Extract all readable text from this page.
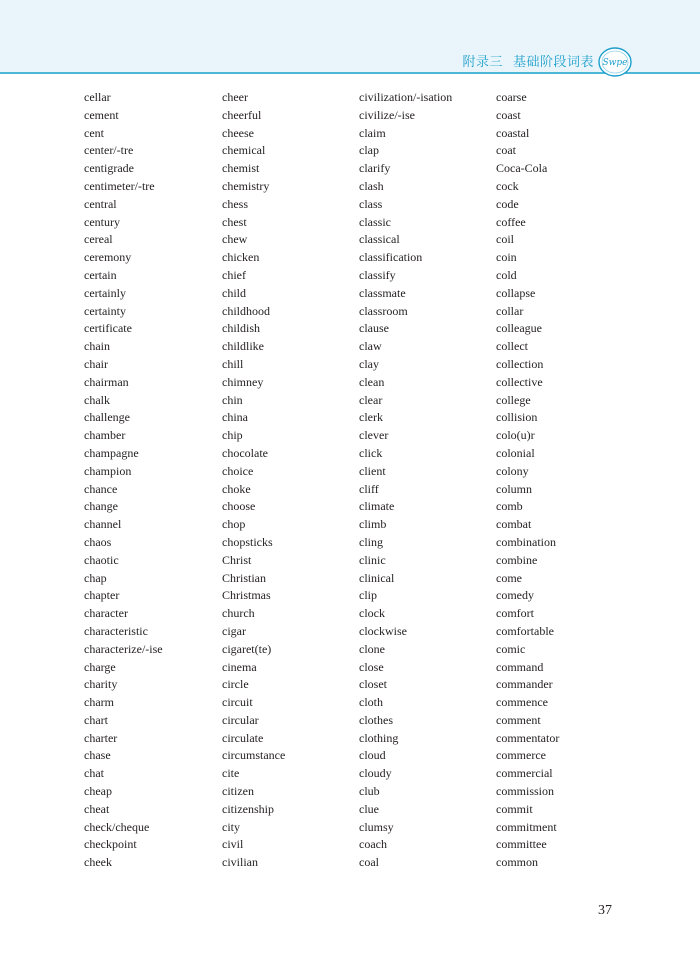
附录三 基础阶段词表 Swpe
cellar
cement
cent
center/-tre
centigrade
centimeter/-tre
central
century
cereal
ceremony
certain
certainly
certainty
certificate
chain
chair
chairman
chalk
challenge
chamber
champagne
champion
chance
change
channel
chaos
chaotic
chap
chapter
character
characteristic
characterize/-ise
charge
charity
charm
chart
charter
chase
chat
cheap
cheat
check/cheque
checkpoint
cheek
cheer
cheerful
cheese
chemical
chemist
chemistry
chess
chest
chew
chicken
chief
child
childhood
childish
childlike
chill
chimney
chin
china
chip
chocolate
choice
choke
choose
chop
chopsticks
Christ
Christian
Christmas
church
cigar
cigaret(te)
cinema
circle
circuit
circular
circulate
circumstance
cite
citizen
citizenship
city
civil
civilian
civilization/-isation
civilize/-ise
claim
clap
clarify
clash
class
classic
classical
classification
classify
classmate
classroom
clause
claw
clay
clean
clear
clerk
clever
click
client
cliff
climate
climb
cling
clinic
clinical
clip
clock
clockwise
clone
close
closet
cloth
clothes
clothing
cloud
cloudy
club
clue
clumsy
coach
coal
coarse
coast
coastal
coat
Coca-Cola
cock
code
coffee
coil
coin
cold
collapse
collar
colleague
collect
collection
collective
college
collision
colo(u)r
colonial
colony
column
comb
combat
combination
combine
come
comedy
comfort
comfortable
comic
command
commander
commence
comment
commentator
commerce
commercial
commission
commit
commitment
committee
common
37
